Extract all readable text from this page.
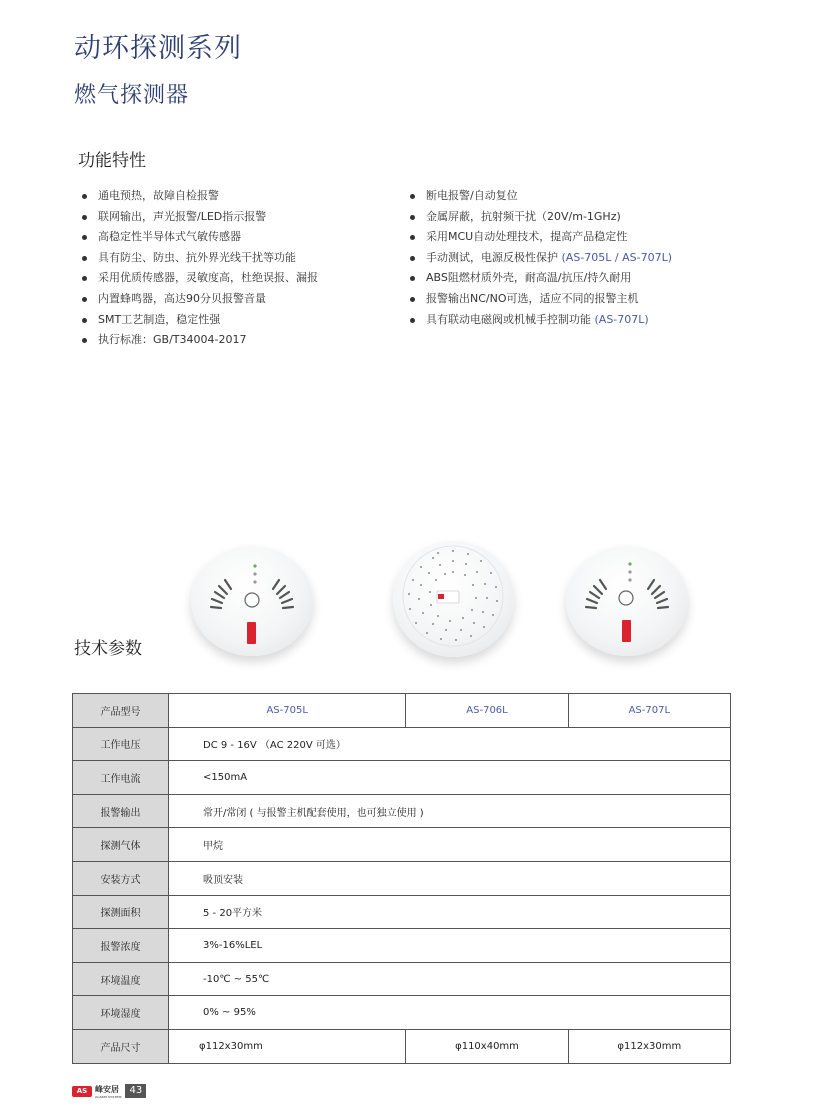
动环探测系列
燃气探测器
功能特性
通电预热，故障自检报警
联网输出，声光报警/LED指示报警
高稳定性半导体式气敏传感器
具有防尘、防虫、抗外界光线干扰等功能
采用优质传感器，灵敏度高，杜绝误报、漏报
内置蜂鸣器，高达90分贝报警音量
SMT工艺制造，稳定性强
执行标准：GB/T34004-2017
断电报警/自动复位
金属屏蔽，抗射频干扰（20V/m-1GHz)
采用MCU自动处理技术，提高产品稳定性
手动测试，电源反极性保护 (AS-705L / AS-707L)
ABS阻燃材质外壳，耐高温/抗压/持久耐用
报警输出NC/NO可选，适应不同的报警主机
具有联动电磁阀或机械手控制功能 (AS-707L)
技术参数
产品型号	AS-705L	AS-706L	AS-707L
工作电压	DC 9 - 16V （AC 220V 可选）		
工作电流	<150mA		
报警输出	常开/常闭 ( 与报警主机配套使用，也可独立使用 )		
探测气体	甲烷		
安装方式	吸顶安装		
探测面积	5 - 20平方米		
报警浓度	3%-16%LEL		
环境温度	-10℃ ~ 55℃		
环境湿度	0% ~ 95%		
产品尺寸	φ112x30mm	φ110x40mm	φ112x30mm
AS 峰安居
ALARM SYSTEM
43
